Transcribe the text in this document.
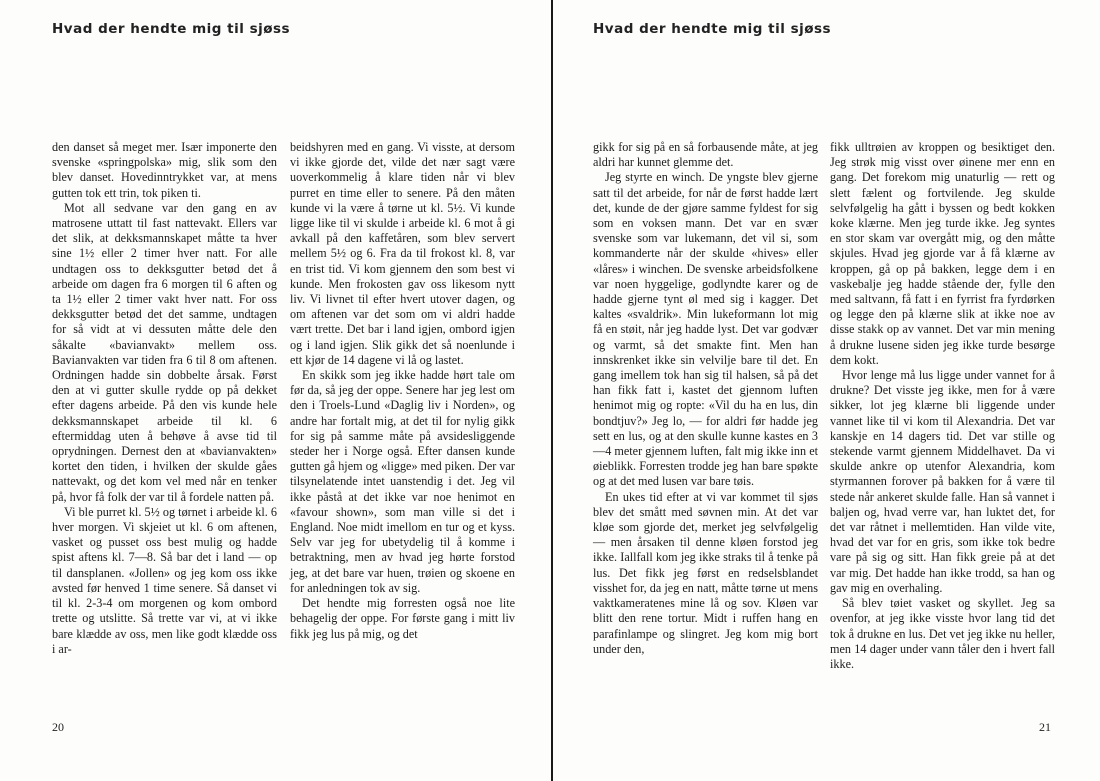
Hvad der hendte mig til sjøss

den danset så meget mer. Især imponerte den svenske «springpolska» mig, slik som den blev danset. Hovedinntrykket var, at mens gutten tok ett trin, tok piken ti.

Mot all sedvane var den gang en av matrosene uttatt til fast nattevakt. Ellers var det slik, at dekksmannskapet måtte ta hver sine 1½ eller 2 timer hver natt. For alle undtagen oss to dekksgutter betød det å arbeide om dagen fra 6 morgen til 6 aften og ta 1½ eller 2 timer vakt hver natt. For oss dekksgutter betød det det samme, undtagen for så vidt at vi dessuten måtte dele den såkalte «bavianvakt» mellem oss. Bavianvakten var tiden fra 6 til 8 om aftenen. Ordningen hadde sin dobbelte årsak. Først den at vi gutter skulle rydde op på dekket efter dagens arbeide. På den vis kunde hele dekksmannskapet arbeide til kl. 6 eftermiddag uten å behøve å avse tid til oprydningen. Dernest den at «bavianvakten» kortet den tiden, i hvilken der skulde gåes nattevakt, og det kom vel med når en tenker på, hvor få folk der var til å fordele natten på.

Vi ble purret kl. 5½ og tørnet i arbeide kl. 6 hver morgen. Vi skjeiet ut kl. 6 om aftenen, vasket og pusset oss best mulig og hadde spist aftens kl. 7—8. Så bar det i land — op til dansplanen. «Jollen» og jeg kom oss ikke avsted før henved 1 time senere. Så danset vi til kl. 2-3-4 om morgenen og kom ombord trette og utslitte. Så trette var vi, at vi ikke bare klædde av oss, men like godt klædde oss i ar-

beidshyren med en gang. Vi visste, at dersom vi ikke gjorde det, vilde det nær sagt være uoverkommelig å klare tiden når vi blev purret en time eller to senere. På den måten kunde vi la være å tørne ut kl. 5½. Vi kunde ligge like til vi skulde i arbeide kl. 6 mot å gi avkall på den kaffetåren, som blev servert mellem 5½ og 6. Fra da til frokost kl. 8, var en trist tid. Vi kom gjennem den som best vi kunde. Men frokosten gav oss likesom nytt liv. Vi livnet til efter hvert utover dagen, og om aftenen var det som om vi aldri hadde vært trette. Det bar i land igjen, ombord igjen og i land igjen. Slik gikk det så noenlunde i ett kjør de 14 dagene vi lå og lastet.

En skikk som jeg ikke hadde hørt tale om før da, så jeg der oppe. Senere har jeg lest om den i Troels-Lund «Daglig liv i Norden», og andre har fortalt mig, at det til for nylig gikk for sig på samme måte på avsidesliggende steder her i Norge også. Efter dansen kunde gutten gå hjem og «ligge» med piken. Der var tilsynelatende intet uanstendig i det. Jeg vil ikke påstå at det ikke var noe henimot en «favour shown», som man ville si det i England. Noe midt imellom en tur og et kyss. Selv var jeg for ubetydelig til å komme i betraktning, men av hvad jeg hørte forstod jeg, at det bare var huen, trøien og skoene en for anledningen tok av sig.

Det hendte mig forresten også noe lite behagelig der oppe. For første gang i mitt liv fikk jeg lus på mig, og det

20
Hvad der hendte mig til sjøss

gikk for sig på en så forbausende måte, at jeg aldri har kunnet glemme det.

Jeg styrte en winch. De yngste blev gjerne satt til det arbeide, for når de først hadde lært det, kunde de der gjøre samme fyldest for sig som en voksen mann. Det var en svær svenske som var lukemann, det vil si, som kommanderte når der skulde «hives» eller «låres» i winchen. De svenske arbeidsfolkene var noen hyggelige, godlyndte karer og de hadde gjerne tynt øl med sig i kagger. Det kaltes «svaldrik». Min lukeformann lot mig få en støit, når jeg hadde lyst. Det var godvær og varmt, så det smakte fint. Men han innskrenket ikke sin velvilje bare til det. En gang imellem tok han sig til halsen, så på det han fikk fatt i, kastet det gjennom luften henimot mig og ropte: «Vil du ha en lus, din bondtjuv?» Jeg lo, — for aldri før hadde jeg sett en lus, og at den skulle kunne kastes en 3—4 meter gjennem luften, falt mig ikke inn et øieblikk. Forresten trodde jeg han bare spøkte og at det med lusen var bare tøis.

En ukes tid efter at vi var kommet til sjøs blev det smått med søvnen min. At det var kløe som gjorde det, merket jeg selvfølgelig — men årsaken til denne kløen forstod jeg ikke. Iallfall kom jeg ikke straks til å tenke på lus. Det fikk jeg først en redselsblandet visshet for, da jeg en natt, måtte tørne ut mens vaktkameratenes mine lå og sov. Kløen var blitt den rene tortur. Midt i ruffen hang en parafinlampe og slingret. Jeg kom mig bort under den,

fikk ulltrøien av kroppen og besiktiget den. Jeg strøk mig visst over øinene mer enn en gang. Det forekom mig unaturlig — rett og slett fælent og fortvilende. Jeg skulde selvfølgelig ha gått i byssen og bedt kokken koke klærne. Men jeg turde ikke. Jeg syntes en stor skam var overgått mig, og den måtte skjules. Hvad jeg gjorde var å få klærne av kroppen, gå op på bakken, legge dem i en vaskebalje jeg hadde stående der, fylle den med saltvann, få fatt i en fyrrist fra fyrdørken og legge den på klærne slik at ikke noe av disse stakk op av vannet. Det var min mening å drukne lusene siden jeg ikke turde besørge dem kokt.

Hvor lenge må lus ligge under vannet for å drukne? Det visste jeg ikke, men for å være sikker, lot jeg klærne bli liggende under vannet like til vi kom til Alexandria. Det var kanskje en 14 dagers tid. Det var stille og stekende varmt gjennem Middelhavet. Da vi skulde ankre op utenfor Alexandria, kom styrmannen forover på bakken for å være til stede når ankeret skulde falle. Han så vannet i baljen og, hvad verre var, han luktet det, for det var råtnet i mellemtiden. Han vilde vite, hvad det var for en gris, som ikke tok bedre vare på sig og sitt. Han fikk greie på at det var mig. Det hadde han ikke trodd, sa han og gav mig en overhaling.

Så blev tøiet vasket og skyllet. Jeg sa ovenfor, at jeg ikke visste hvor lang tid det tok å drukne en lus. Det vet jeg ikke nu heller, men 14 dager under vann tåler den i hvert fall ikke.

21
